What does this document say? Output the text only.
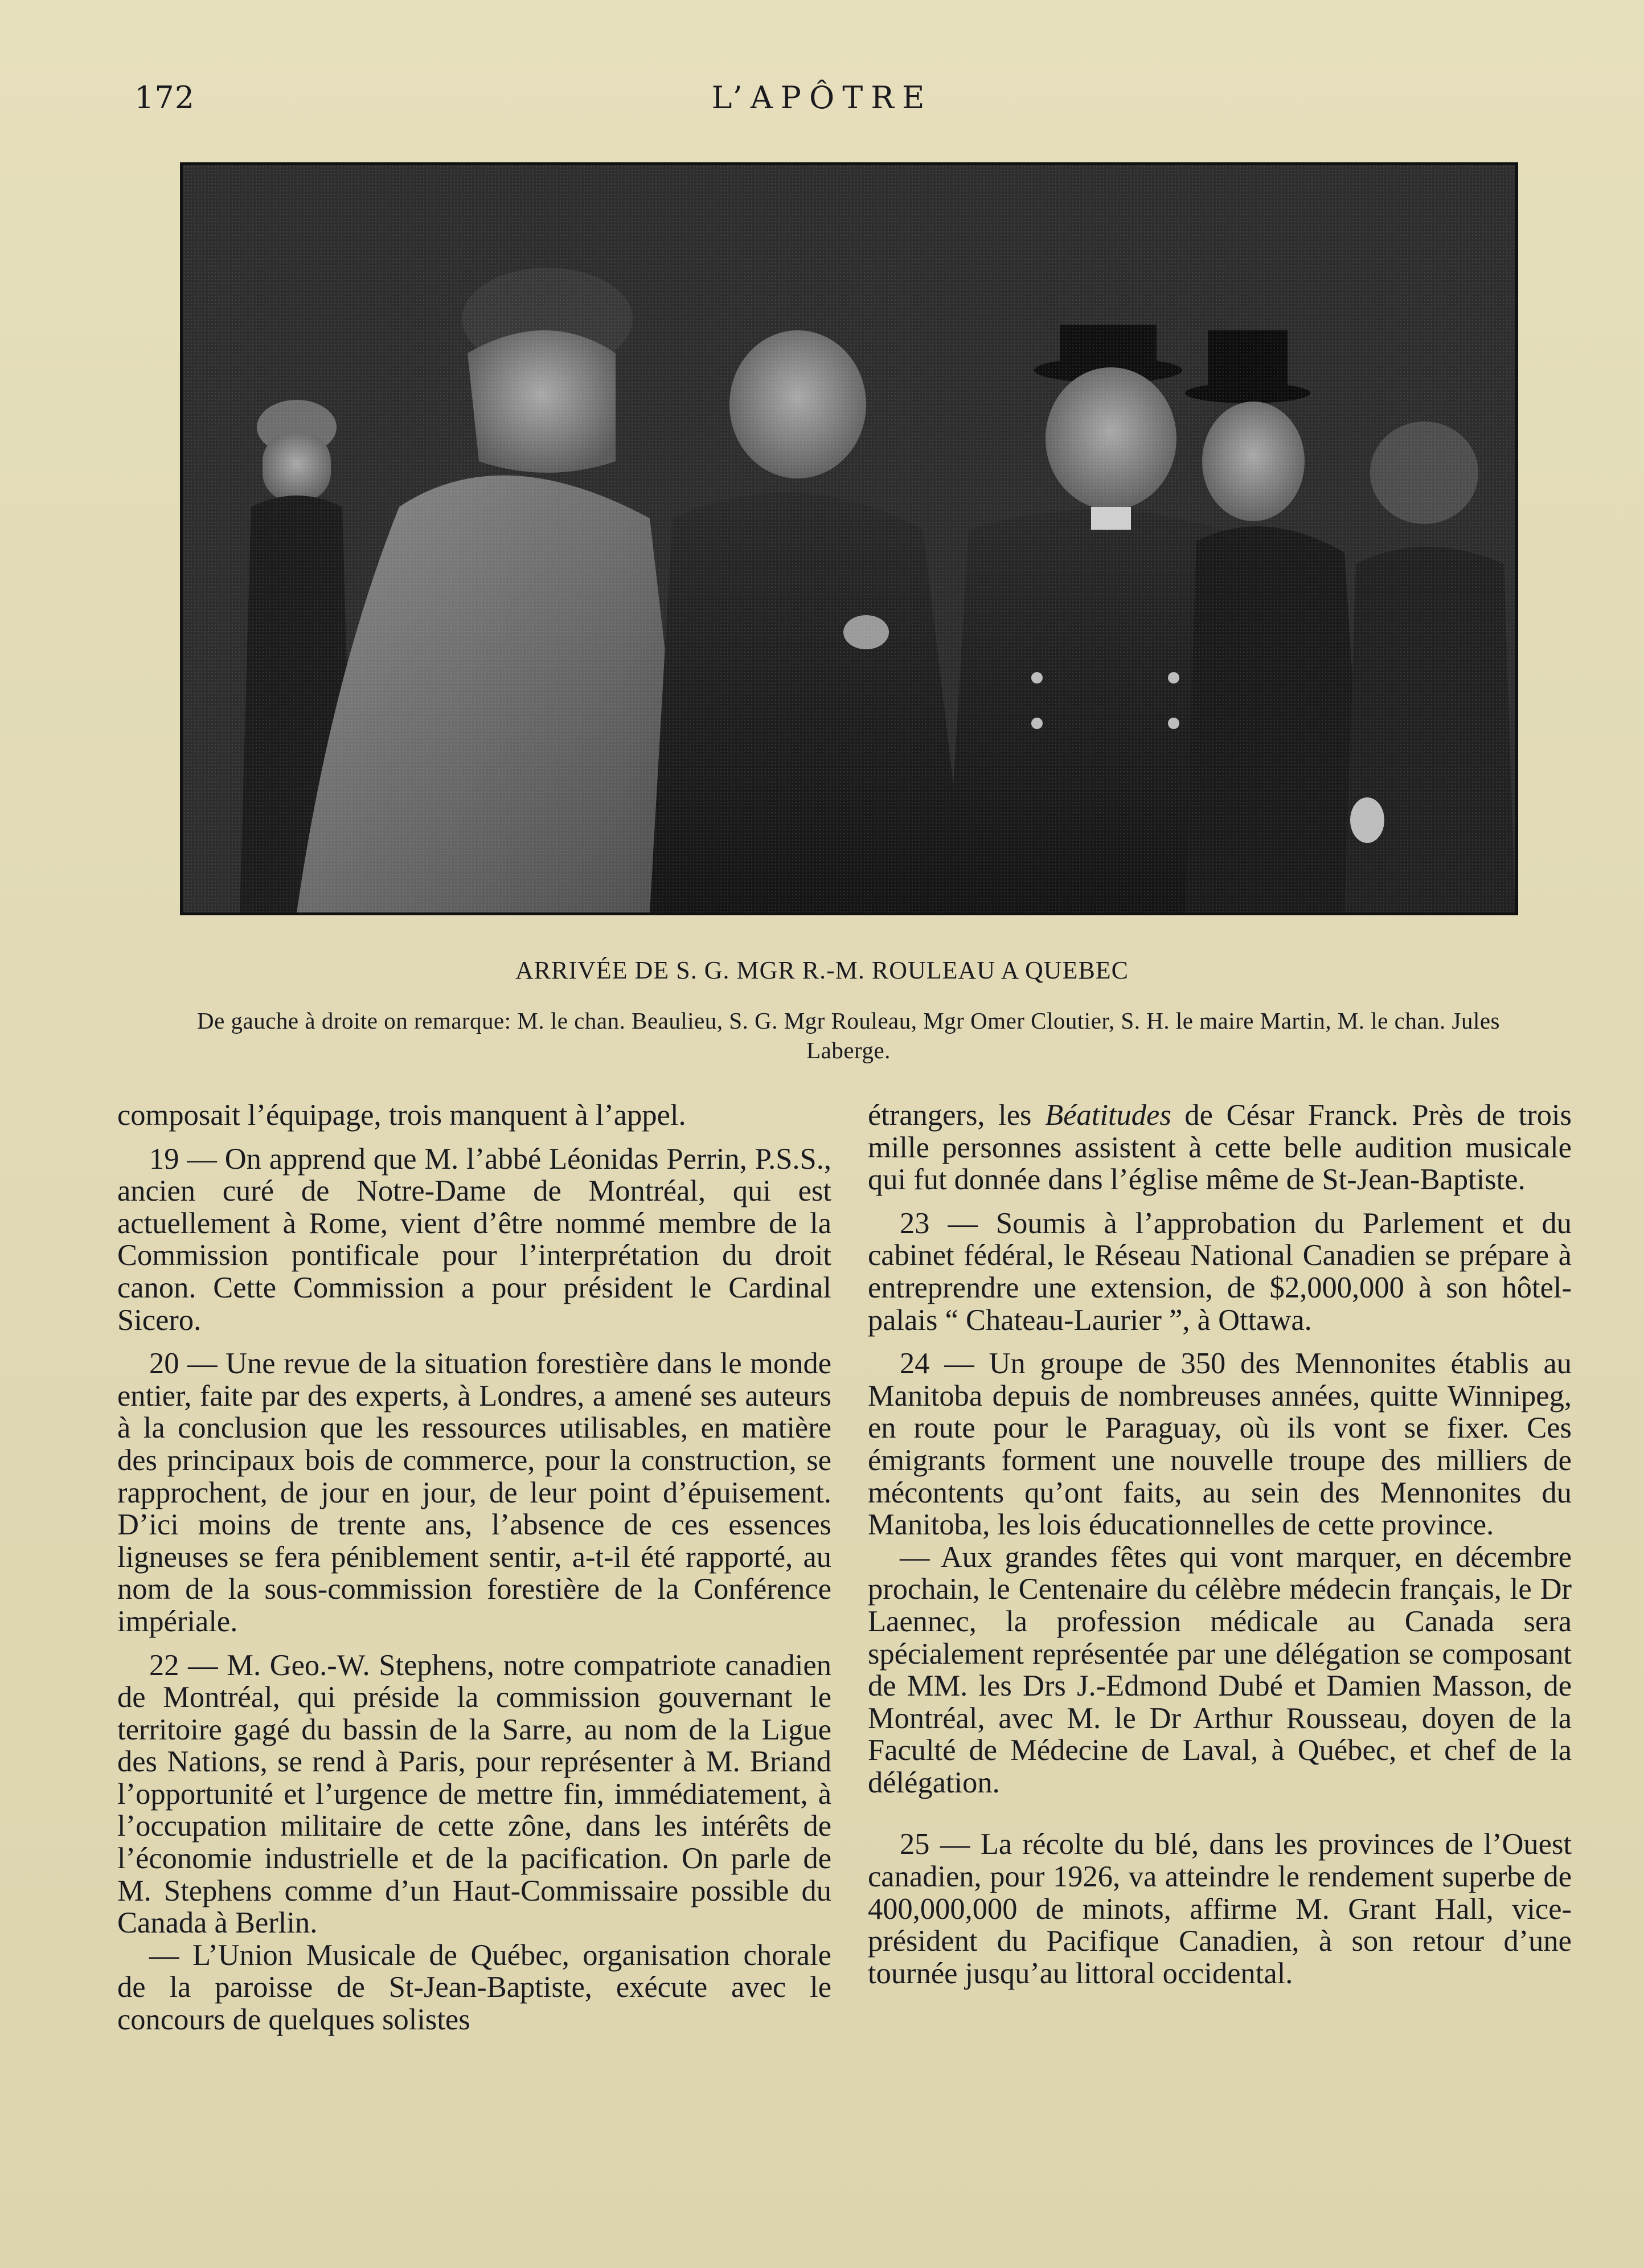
172	L’APÔTRE
ARRIVÉE DE S. G. MGR R.-M. ROULEAU A QUEBEC
De gauche à droite on remarque: M. le chan. Beaulieu, S. G. Mgr Rouleau, Mgr Omer Cloutier, S. H. le maire Martin, M. le chan. Jules Laberge.

composait l’équipage, trois manquent à l’appel.

19 — On apprend que M. l’abbé Léonidas Perrin, P.S.S., ancien curé de Notre-Dame de Montréal, qui est actuellement à Rome, vient d’être nommé membre de la Commission pontificale pour l’interprétation du droit canon. Cette Commission a pour président le Cardinal Sicero.

20 — Une revue de la situation forestière dans le monde entier, faite par des experts, à Londres, a amené ses auteurs à la conclusion que les ressources utilisables, en matière des principaux bois de commerce, pour la construction, se rapprochent, de jour en jour, de leur point d’épuisement. D’ici moins de trente ans, l’absence de ces essences ligneuses se fera péniblement sentir, a-t-il été rapporté, au nom de la sous-commission forestière de la Conférence impériale.

22 — M. Geo.-W. Stephens, notre compatriote canadien de Montréal, qui préside la commission gouvernant le territoire gagé du bassin de la Sarre, au nom de la Ligue des Nations, se rend à Paris, pour représenter à M. Briand l’opportunité et l’urgence de mettre fin, immédiatement, à l’occupation militaire de cette zône, dans les intérêts de l’économie industrielle et de la pacification. On parle de M. Stephens comme d’un Haut-Commissaire possible du Canada à Berlin.

— L’Union Musicale de Québec, organisation chorale de la paroisse de St-Jean-Baptiste, exécute avec le concours de quelques solistes

étrangers, les Béatitudes de César Franck. Près de trois mille personnes assistent à cette belle audition musicale qui fut donnée dans l’église même de St-Jean-Baptiste.

23 — Soumis à l’approbation du Parlement et du cabinet fédéral, le Réseau National Canadien se prépare à entreprendre une extension, de $2,000,000 à son hôtel-palais “ Chateau-Laurier ”, à Ottawa.

24 — Un groupe de 350 des Mennonites établis au Manitoba depuis de nombreuses années, quitte Winnipeg, en route pour le Paraguay, où ils vont se fixer. Ces émigrants forment une nouvelle troupe des milliers de mécontents qu’ont faits, au sein des Mennonites du Manitoba, les lois éducationnelles de cette province.

— Aux grandes fêtes qui vont marquer, en décembre prochain, le Centenaire du célèbre médecin français, le Dr Laennec, la profession médicale au Canada sera spécialement représentée par une délégation se composant de MM. les Drs J.-Edmond Dubé et Damien Masson, de Montréal, avec M. le Dr Arthur Rousseau, doyen de la Faculté de Médecine de Laval, à Québec, et chef de la délégation.

25 — La récolte du blé, dans les provinces de l’Ouest canadien, pour 1926, va atteindre le rendement superbe de 400,000,000 de minots, affirme M. Grant Hall, vice-président du Pacifique Canadien, à son retour d’une tournée jusqu’au littoral occidental.
